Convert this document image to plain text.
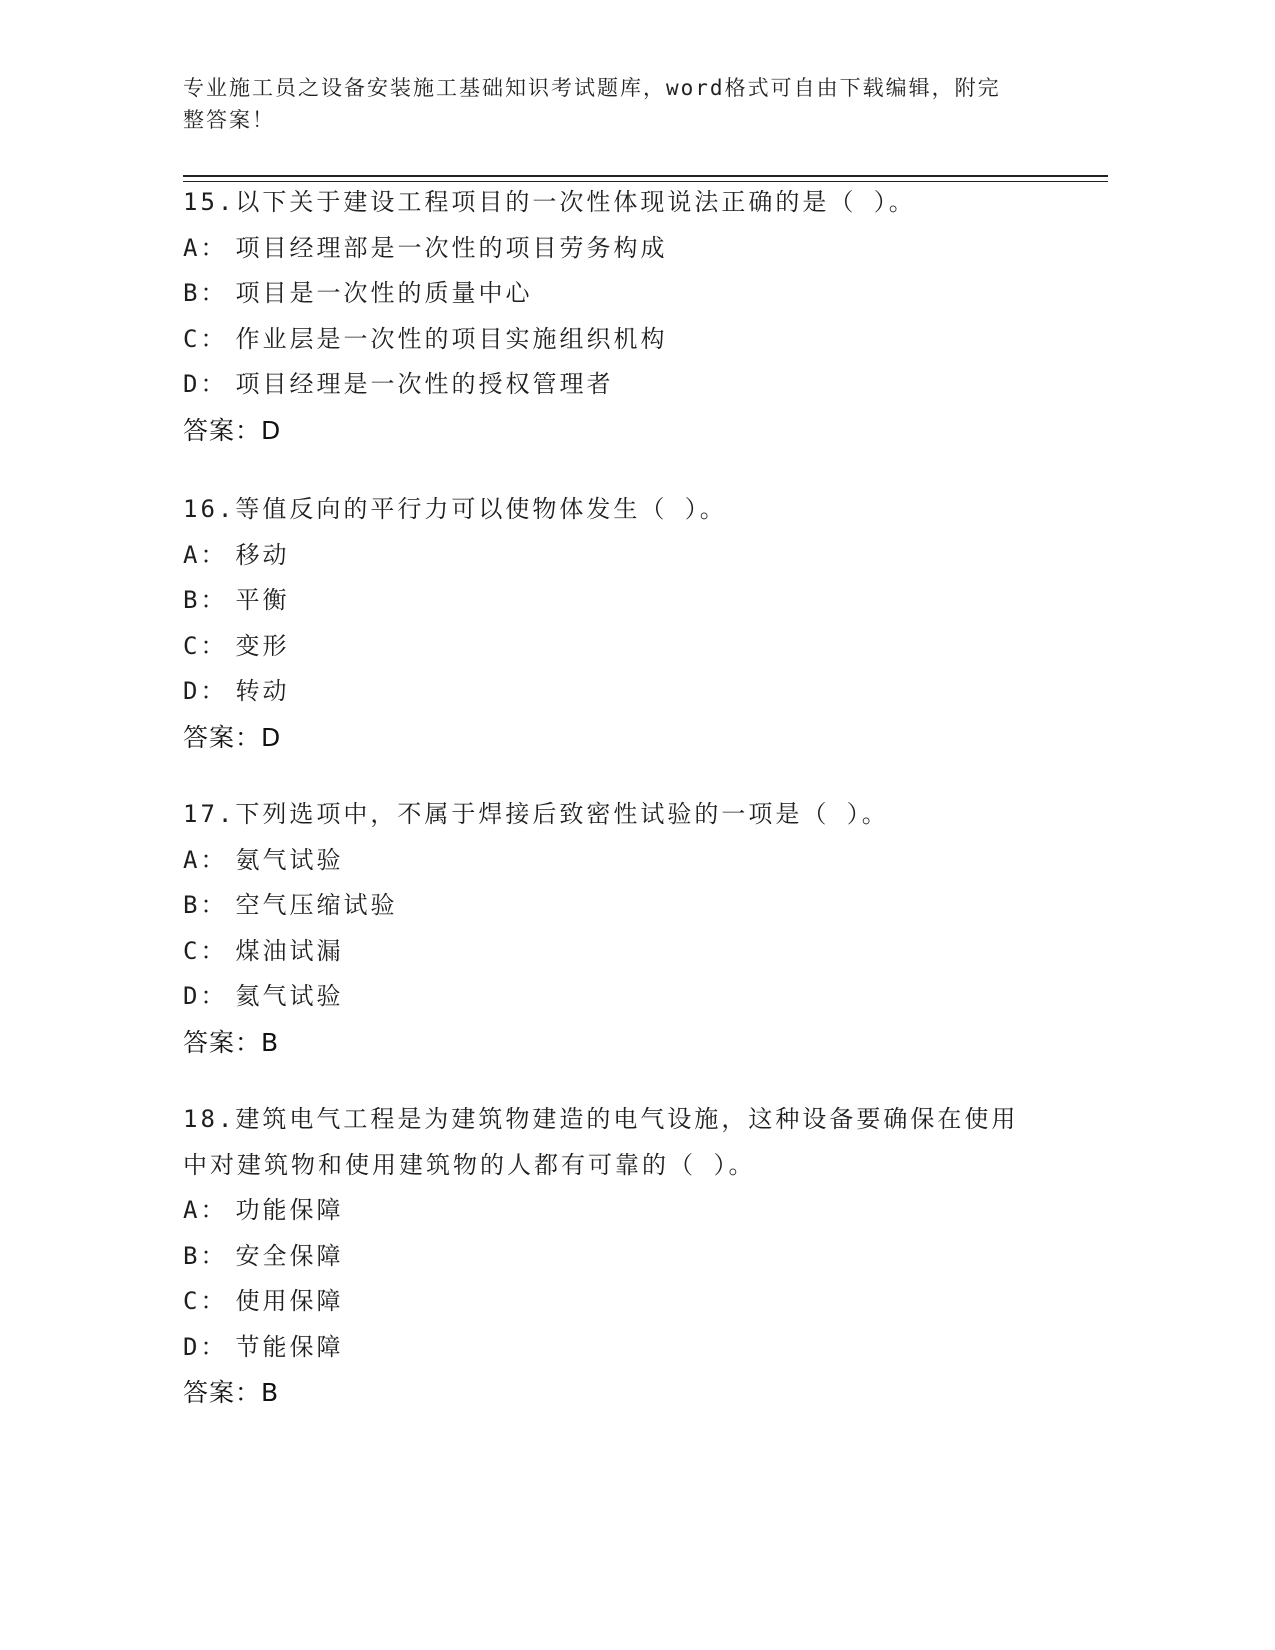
专业施工员之设备安装施工基础知识考试题库，word格式可自由下载编辑，附完
整答案！
15.以下关于建设工程项目的一次性体现说法正确的是（ ）。
A： 项目经理部是一次性的项目劳务构成
B： 项目是一次性的质量中心
C： 作业层是一次性的项目实施组织机构
D： 项目经理是一次性的授权管理者
答案：D
16.等值反向的平行力可以使物体发生（ ）。
A： 移动
B： 平衡
C： 变形
D： 转动
答案：D
17.下列选项中，不属于焊接后致密性试验的一项是（ ）。
A： 氨气试验
B： 空气压缩试验
C： 煤油试漏
D： 氦气试验
答案：B
18.建筑电气工程是为建筑物建造的电气设施，这种设备要确保在使用
中对建筑物和使用建筑物的人都有可靠的（ ）。
A： 功能保障
B： 安全保障
C： 使用保障
D： 节能保障
答案：B
